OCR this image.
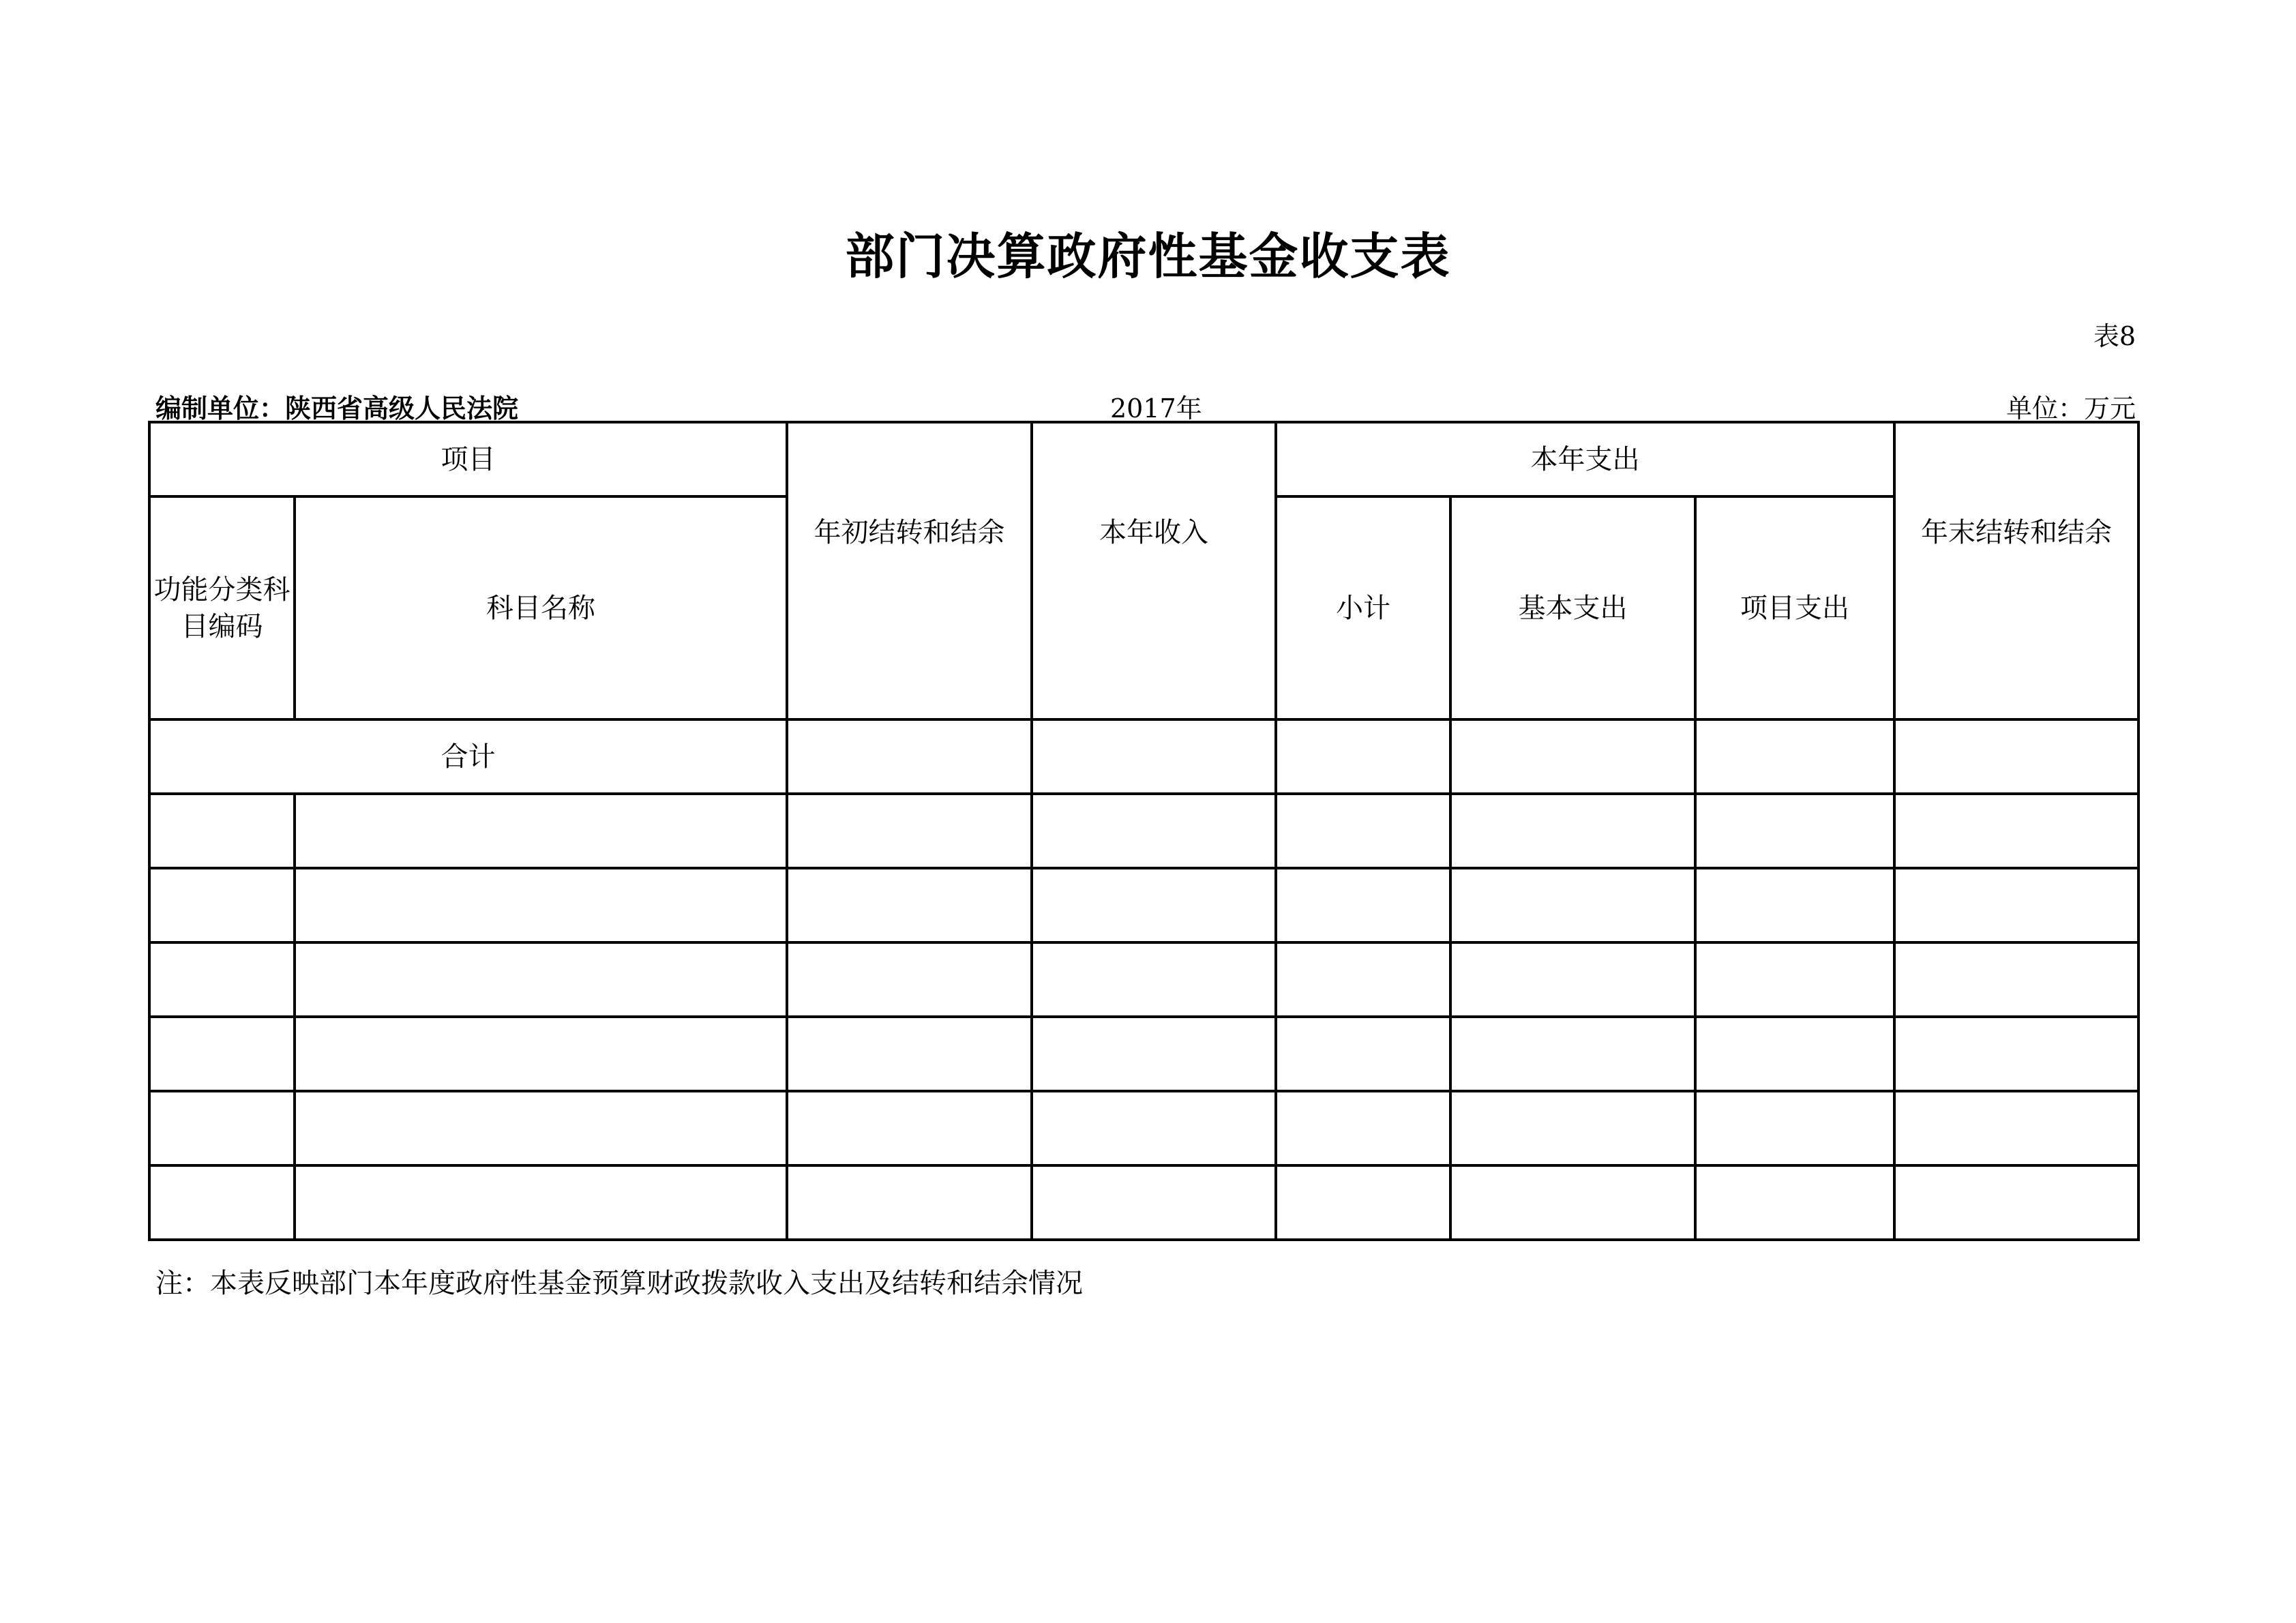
部门决算政府性基金收支表
表8
编制单位：陕西省高级人民法院	2017年	单位：万元
项目		年初结转和结余	本年收入	本年支出			年末结转和结余

功能分类科目编码	科目名称			小计	基本支出	项目支出	
合计							

注：本表反映部门本年度政府性基金预算财政拨款收入支出及结转和结余情况
